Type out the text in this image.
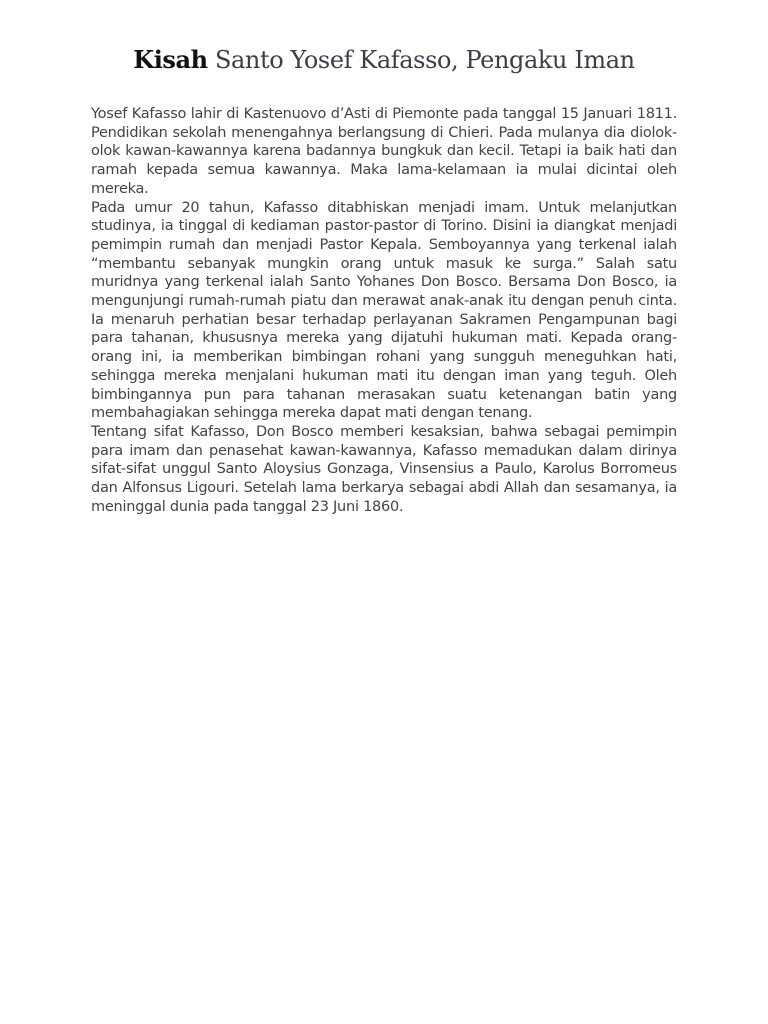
Kisah Santo Yosef Kafasso, Pengaku Iman

Yosef Kafasso lahir di Kastenuovo d’Asti di Piemonte pada tanggal 15 Januari 1811. Pendidikan sekolah menengahnya berlangsung di Chieri. Pada mulanya dia diolok-olok kawan-kawannya karena badannya bungkuk dan kecil. Tetapi ia baik hati dan ramah kepada semua kawannya. Maka lama-kelamaan ia mulai dicintai oleh mereka.

Pada umur 20 tahun, Kafasso ditabhiskan menjadi imam. Untuk melanjutkan studinya, ia tinggal di kediaman pastor-pastor di Torino. Disini ia diangkat menjadi pemimpin rumah dan menjadi Pastor Kepala. Semboyannya yang terkenal ialah “membantu sebanyak mungkin orang untuk masuk ke surga.” Salah satu muridnya yang terkenal ialah Santo Yohanes Don Bosco. Bersama Don Bosco, ia mengunjungi rumah-rumah piatu dan merawat anak-anak itu dengan penuh cinta. Ia menaruh perhatian besar terhadap perlayanan Sakramen Pengampunan bagi para tahanan, khususnya mereka yang dijatuhi hukuman mati. Kepada orang-orang ini, ia memberikan bimbingan rohani yang sungguh meneguhkan hati, sehingga mereka menjalani hukuman mati itu dengan iman yang teguh. Oleh bimbingannya pun para tahanan merasakan suatu ketenangan batin yang membahagiakan sehingga mereka dapat mati dengan tenang.

Tentang sifat Kafasso, Don Bosco memberi kesaksian, bahwa sebagai pemimpin para imam dan penasehat kawan-kawannya, Kafasso memadukan dalam dirinya sifat-sifat unggul Santo Aloysius Gonzaga, Vinsensius a Paulo, Karolus Borromeus dan Alfonsus Ligouri. Setelah lama berkarya sebagai abdi Allah dan sesamanya, ia meninggal dunia pada tanggal 23 Juni 1860.
